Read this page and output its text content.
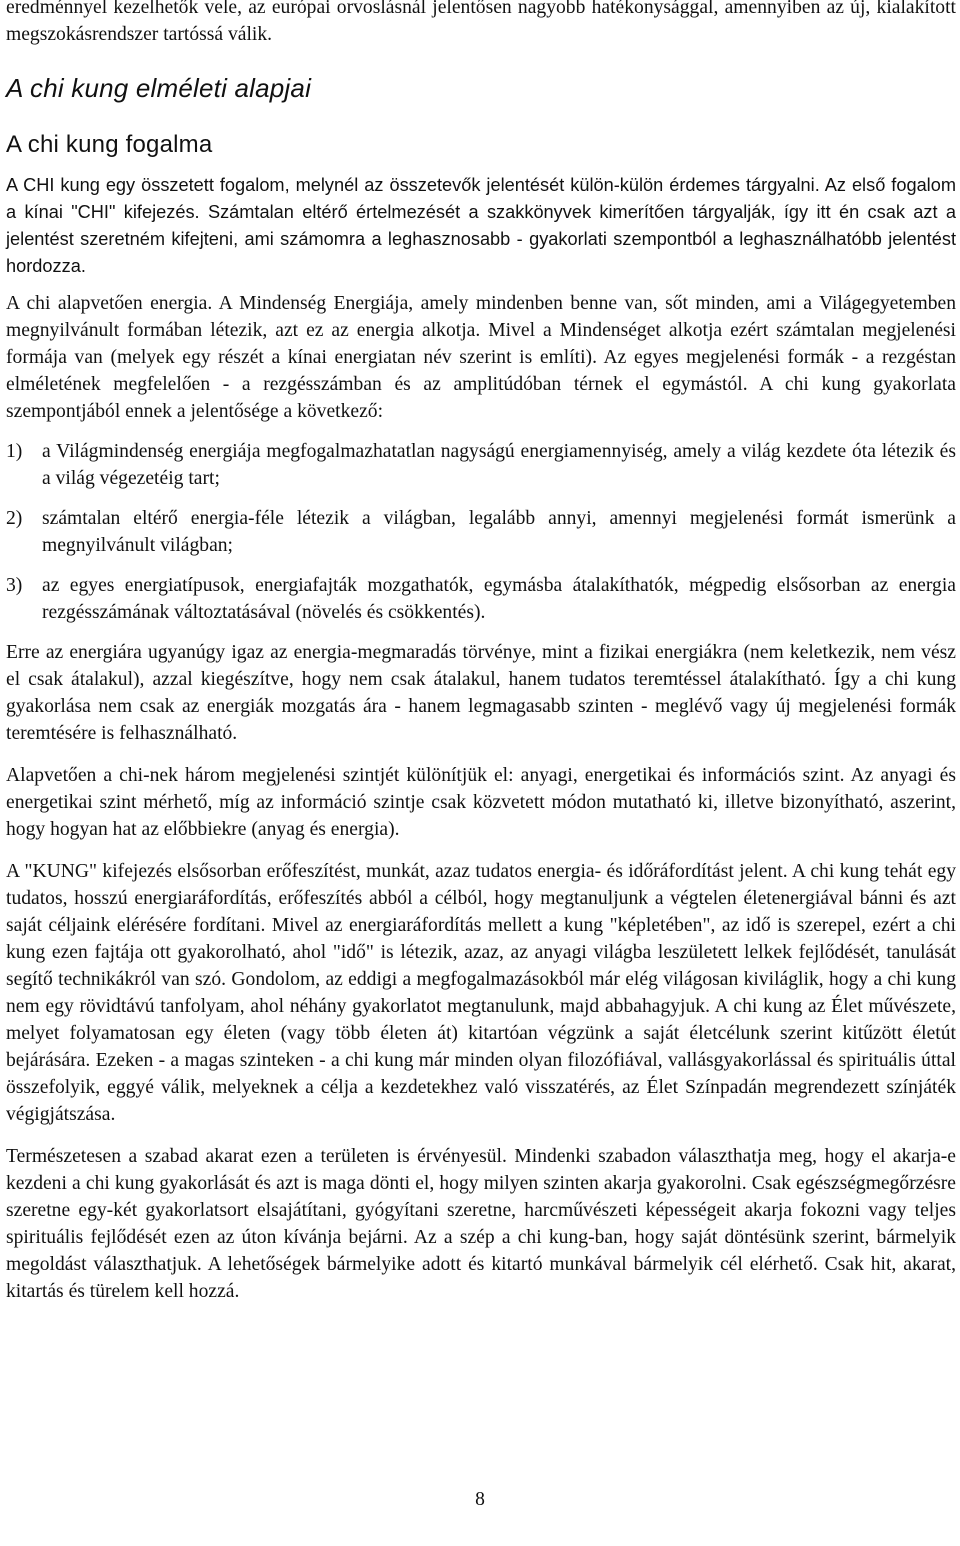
eredménnyel kezelhetők vele, az európai orvoslásnál jelentősen nagyobb hatékonysággal, amennyiben az új, kialakított megszokásrendszer tartóssá válik.

A chi kung elméleti alapjai
A chi kung fogalma

A CHI kung egy összetett fogalom, melynél az összetevők jelentését külön-külön érdemes tárgyalni. Az első fogalom a kínai "CHI" kifejezés. Számtalan eltérő értelmezését a szakkönyvek kimerítően tárgyalják, így itt én csak azt a jelentést szeretném kifejteni, ami számomra a leghasznosabb - gyakorlati szempontból a leghasználhatóbb jelentést hordozza.

A chi alapvetően energia. A Mindenség Energiája, amely mindenben benne van, sőt minden, ami a Világegyetemben megnyilvánult formában létezik, azt ez az energia alkotja. Mivel a Mindenséget alkotja ezért számtalan megjelenési formája van (melyek egy részét a kínai energiatan név szerint is említi). Az egyes megjelenési formák - a rezgéstan elméletének megfelelően - a rezgésszámban és az amplitúdóban térnek el egymástól. A chi kung gyakorlata szempontjából ennek a jelentősége a következő:

1)	a Világmindenség energiája megfogalmazhatatlan nagyságú energiamennyiség, amely a világ kezdete óta létezik és a világ végezetéig tart;
2)	számtalan eltérő energia-féle létezik a világban, legalább annyi, amennyi megjelenési formát ismerünk a megnyilvánult világban;
3)	az egyes energiatípusok, energiafajták mozgathatók, egymásba átalakíthatók, mégpedig elsősorban az energia rezgésszámának változtatásával (növelés és csökkentés).

Erre az energiára ugyanúgy igaz az energia-megmaradás törvénye, mint a fizikai energiákra (nem keletkezik, nem vész el csak átalakul), azzal kiegészítve, hogy nem csak átalakul, hanem tudatos teremtéssel átalakítható. Így a chi kung gyakorlása nem csak az energiák mozgatás ára - hanem legmagasabb szinten - meglévő vagy új megjelenési formák teremtésére is felhasználható.

Alapvetően a chi-nek három megjelenési szintjét különítjük el: anyagi, energetikai és információs szint. Az anyagi és energetikai szint mérhető, míg az információ szintje csak közvetett módon mutatható ki, illetve bizonyítható, aszerint, hogy hogyan hat az előbbiekre (anyag és energia).

A "KUNG" kifejezés elsősorban erőfeszítést, munkát, azaz tudatos energia- és időráfordítást jelent. A chi kung tehát egy tudatos, hosszú energiaráfordítás, erőfeszítés abból a célból, hogy megtanuljunk a végtelen életenergiával bánni és azt saját céljaink elérésére fordítani. Mivel az energiaráfordítás mellett a kung "képletében", az idő is szerepel, ezért a chi kung ezen fajtája ott gyakorolható, ahol "idő" is létezik, azaz, az anyagi világba leszületett lelkek fejlődését, tanulását segítő technikákról van szó. Gondolom, az eddigi a megfogalmazásokból már elég világosan kiviláglik, hogy a chi kung nem egy rövidtávú tanfolyam, ahol néhány gyakorlatot megtanulunk, majd abbahagyjuk. A chi kung az Élet művészete, melyet folyamatosan egy életen (vagy több életen át) kitartóan végzünk a saját életcélunk szerint kitűzött életút bejárására. Ezeken - a magas szinteken - a chi kung már minden olyan filozófiával, vallásgyakorlással és spirituális úttal összefolyik, eggyé válik, melyeknek a célja a kezdetekhez való visszatérés, az Élet Színpadán megrendezett színjáték végigjátszása.

Természetesen a szabad akarat ezen a területen is érvényesül. Mindenki szabadon választhatja meg, hogy el akarja-e kezdeni a chi kung gyakorlását és azt is maga dönti el, hogy milyen szinten akarja gyakorolni. Csak egészségmegőrzésre szeretne egy-két gyakorlatsort elsajátítani, gyógyítani szeretne, harcművészeti képességeit akarja fokozni vagy teljes spirituális fejlődését ezen az úton kívánja bejárni. Az a szép a chi kung-ban, hogy saját döntésünk szerint, bármelyik megoldást választhatjuk. A lehetőségek bármelyike adott és kitartó munkával bármelyik cél elérhető. Csak hit, akarat, kitartás és türelem kell hozzá.

8
